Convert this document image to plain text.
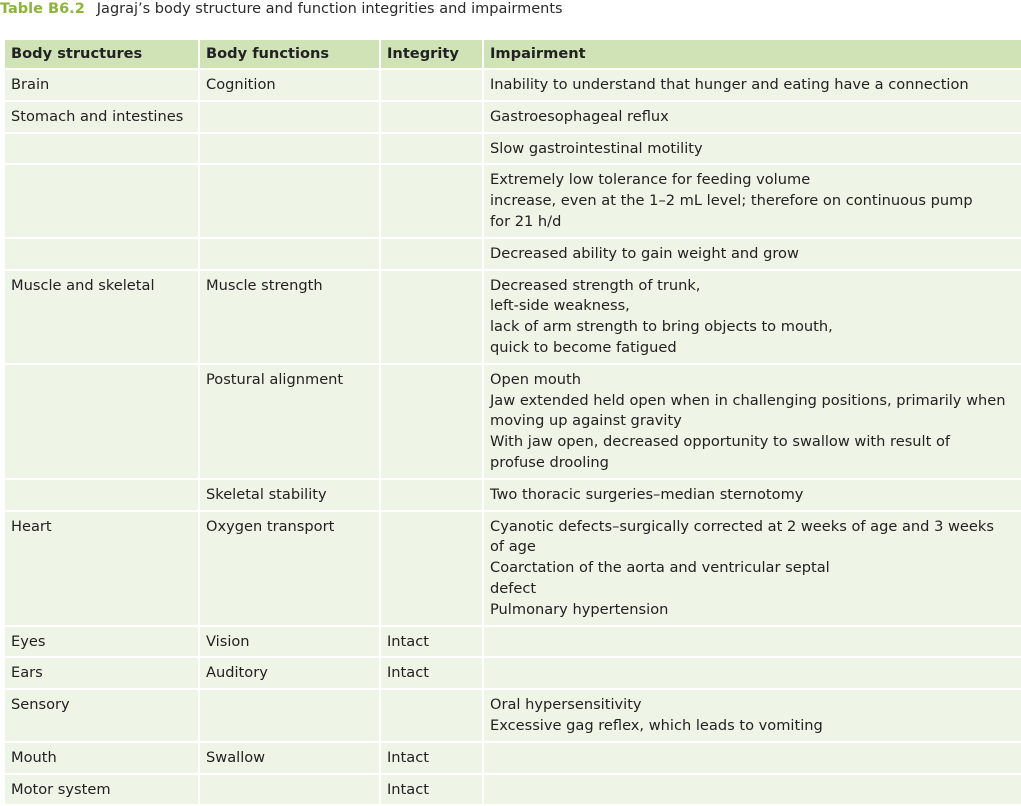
Table B6.2 Jagraj’s body structure and function integrities and impairments
Body structures	Body functions	Integrity	Impairment
Brain	Cognition		Inability to understand that hunger and eating have a connection

Stomach and intestines			Gastroesophageal reflux

			Slow gastrointestinal motility

			Extremely low tolerance for feeding volume
increase, even at the 1–2 mL level; therefore on continuous pump
for 21 h/d

			Decreased ability to gain weight and grow

Muscle and skeletal	Muscle strength		Decreased strength of trunk,
left-side weakness,
lack of arm strength to bring objects to mouth,
quick to become fatigued

	Postural alignment		Open mouth
Jaw extended held open when in challenging positions, primarily when
moving up against gravity
With jaw open, decreased opportunity to swallow with result of
profuse drooling

	Skeletal stability		Two thoracic surgeries–median sternotomy

Heart	Oxygen transport		Cyanotic defects–surgically corrected at 2 weeks of age and 3 weeks
of age
Coarctation of the aorta and ventricular septal
defect
Pulmonary hypertension

Eyes	Vision	Intact	
Ears	Auditory	Intact	
Sensory			Oral hypersensitivity
Excessive gag reflex, which leads to vomiting

Mouth	Swallow	Intact	
Motor system		Intact	
